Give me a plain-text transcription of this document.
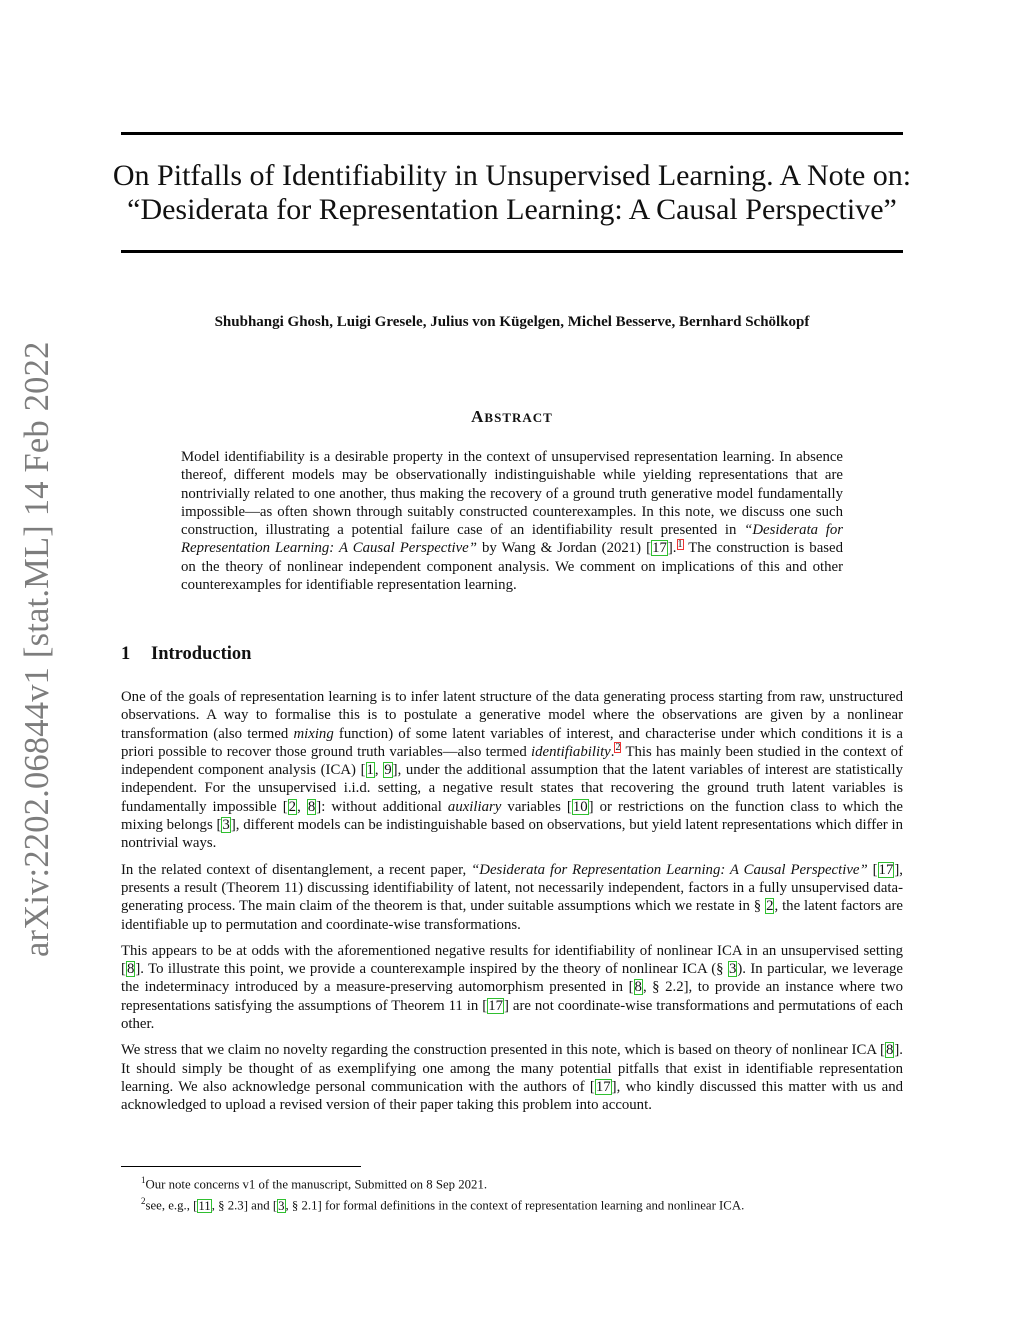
arXiv:2202.06844v1 [stat.ML] 14 Feb 2022
On Pitfalls of Identifiability in Unsupervised Learning. A Note on:
“Desiderata for Representation Learning: A Causal Perspective”
Shubhangi Ghosh, Luigi Gresele, Julius von Kügelgen, Michel Besserve, Bernhard Schölkopf
ABSTRACT
Model identifiability is a desirable property in the context of unsupervised representation learning. In absence thereof, different models may be observationally indistinguishable while yielding representations that are nontrivially related to one another, thus making the recovery of a ground truth generative model fundamentally impossible—as often shown through suitably constructed counterexamples. In this note, we discuss one such construction, illustrating a potential failure case of an identifiability result presented in “Desiderata for Representation Learning: A Causal Perspective” by Wang & Jordan (2021) [17].$^1$ The construction is based on the theory of nonlinear independent component analysis. We comment on implications of this and other counterexamples for identifiable representation learning.
1 Introduction

One of the goals of representation learning is to infer latent structure of the data generating process starting from raw, unstructured observations. A way to formalise this is to postulate a generative model where the observations are given by a nonlinear transformation (also termed mixing function) of some latent variables of interest, and characterise under which conditions it is a priori possible to recover those ground truth variables—also termed identifiability.$^2$ This has mainly been studied in the context of independent component analysis (ICA) [1, 9], under the additional assumption that the latent variables of interest are statistically independent. For the unsupervised i.i.d. setting, a negative result states that recovering the ground truth latent variables is fundamentally impossible [2, 8]: without additional auxiliary variables [10] or restrictions on the function class to which the mixing belongs [3], different models can be indistinguishable based on observations, but yield latent representations which differ in nontrivial ways.

In the related context of disentanglement, a recent paper, “Desiderata for Representation Learning: A Causal Perspective” [17], presents a result (Theorem 11) discussing identifiability of latent, not necessarily independent, factors in a fully unsupervised data-generating process. The main claim of the theorem is that, under suitable assumptions which we restate in § 2, the latent factors are identifiable up to permutation and coordinate-wise transformations.

This appears to be at odds with the aforementioned negative results for identifiability of nonlinear ICA in an unsupervised setting [8]. To illustrate this point, we provide a counterexample inspired by the theory of nonlinear ICA (§ 3). In particular, we leverage the indeterminacy introduced by a measure-preserving automorphism presented in [8, § 2.2], to provide an instance where two representations satisfying the assumptions of Theorem 11 in [17] are not coordinate-wise transformations and permutations of each other.

We stress that we claim no novelty regarding the construction presented in this note, which is based on theory of nonlinear ICA [8]. It should simply be thought of as exemplifying one among the many potential pitfalls that exist in identifiable representation learning. We also acknowledge personal communication with the authors of [17], who kindly discussed this matter with us and acknowledged to upload a revised version of their paper taking this problem into account.

$^1$Our note concerns v1 of the manuscript, Submitted on 8 Sep 2021.
$^2$see, e.g., [11, § 2.3] and [3, § 2.1] for formal definitions in the context of representation learning and nonlinear ICA.
